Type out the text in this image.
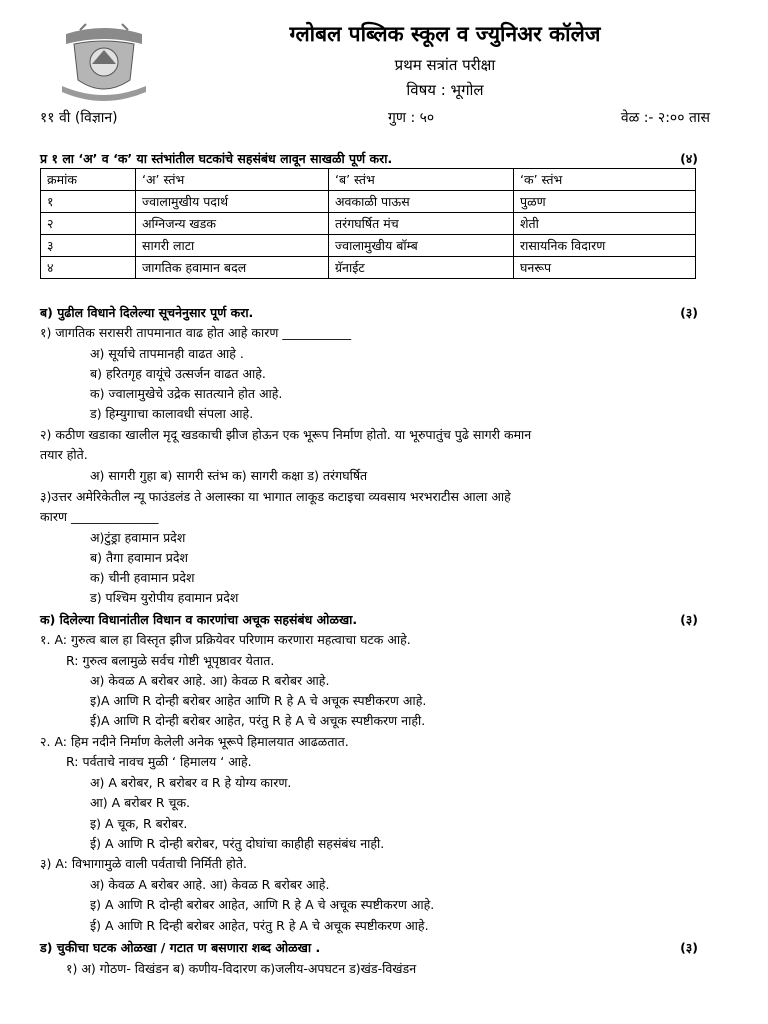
ग्लोबल पब्लिक स्कूल व ज्युनिअर कॉलेज
प्रथम सत्रांत परीक्षा
विषय : भूगोल
११ वी (विज्ञान)	गुण : ५०	वेळ :- २:०० तास
प्र १ ला ‘अ’ व ‘क’ या स्तंभांतील घटकांचे सहसंबंध लावून साखळी पूर्ण करा.	(४)
क्रमांक	‘अ’ स्तंभ	‘ब’ स्तंभ	‘क’ स्तंभ
१	ज्वालामुखीय पदार्थ	अवकाळी पाऊस	पुळण
२	अग्निजन्य खडक	तरंगघर्षित मंच	शेती
३	सागरी लाटा	ज्वालामुखीय बॉम्ब	रासायनिक विदारण
४	जागतिक हवामान बदल	ग्रॅनाईट	घनरूप
ब) पुढील विधाने दिलेल्या सूचनेनुसार पूर्ण करा.	(३)
१) जागतिक सरासरी तापमानात वाढ होत आहे कारण ___________
अ) सूर्याचे तापमानही वाढत आहे .
ब) हरितगृह वायूंचे उत्सर्जन वाढत आहे.
क) ज्वालामुखेचे उद्रेक सातत्याने होत आहे.
ड) हिम्युगाचा कालावधी संपला आहे.
२) कठीण खडाका खालील मृदू खडकाची झीज होऊन एक भूरूप निर्माण होतो. या भूरुपातुंच पुढे सागरी कमान
तयार होते.
अ) सागरी गुहा ब) सागरी स्तंभ क) सागरी कक्षा ड) तरंगघर्षित
३)उत्तर अमेरिकेतील न्यू फाउंडलंड ते अलास्का या भागात लाकूड कटाइचा व्यवसाय भरभराटीस आला आहे
कारण ______________
अ)टुंड्रा हवामान प्रदेश
ब) तैगा हवामान प्रदेश
क) चीनी हवामान प्रदेश
ड) पश्चिम युरोपीय हवामान प्रदेश
क) दिलेल्या विधानांतील विधान व कारणांचा अचूक सहसंबंध ओळखा.	(३)
१. A: गुरुत्व बाल हा विस्तृत झीज प्रक्रियेवर परिणाम करणारा महत्वाचा घटक आहे.
R: गुरुत्व बलामुळे सर्वच गोष्टी भूपृष्ठावर येतात.
अ) केवळ A बरोबर आहे. आ) केवळ R बरोबर आहे.
इ)A आणि R दोन्ही बरोबर आहेत आणि R हे A चे अचूक स्पष्टीकरण आहे.
ई)A आणि R दोन्ही बरोबर आहेत, परंतु R हे A चे अचूक स्पष्टीकरण नाही.
२. A: हिम नदीने निर्माण केलेली अनेक भूरूपे हिमालयात आढळतात.
R: पर्वताचे नावच मुळी ‘ हिमालय ‘ आहे.
अ) A बरोबर, R बरोबर व R हे योग्य कारण.
आ) A बरोबर R चूक.
इ) A चूक, R बरोबर.
ई) A आणि R दोन्ही बरोबर, परंतु दोघांचा काहीही सहसंबंध नाही.
३) A: विभागामुळे वाली पर्वताची निर्मिती होते.
अ) केवळ A बरोबर आहे. आ) केवळ R बरोबर आहे.
इ) A आणि R दोन्ही बरोबर आहेत, आणि R हे A चे अचूक स्पष्टीकरण आहे.
ई) A आणि R दिन्ही बरोबर आहेत, परंतु R हे A चे अचूक स्पष्टीकरण आहे.
ड) चुकीचा घटक ओळखा / गटात ण बसणारा शब्द ओळखा .	(३)
१) अ) गोठण- विखंडन ब) कणीय-विदारण क)जलीय-अपघटन ड)खंड-विखंडन
